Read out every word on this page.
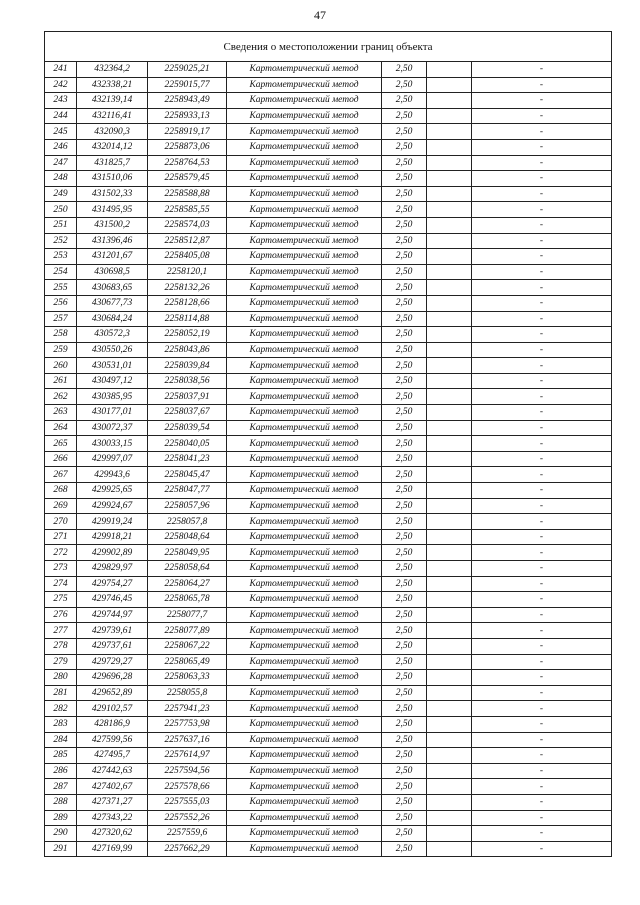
47
Сведения о местоположении границ объекта						
241	432364,2	2259025,21	Картометрический метод	2,50		-
242	432338,21	2259015,77	Картометрический метод	2,50		-
243	432139,14	2258943,49	Картометрический метод	2,50		-
244	432116,41	2258933,13	Картометрический метод	2,50		-
245	432090,3	2258919,17	Картометрический метод	2,50		-
246	432014,12	2258873,06	Картометрический метод	2,50		-
247	431825,7	2258764,53	Картометрический метод	2,50		-
248	431510,06	2258579,45	Картометрический метод	2,50		-
249	431502,33	2258588,88	Картометрический метод	2,50		-
250	431495,95	2258585,55	Картометрический метод	2,50		-
251	431500,2	2258574,03	Картометрический метод	2,50		-
252	431396,46	2258512,87	Картометрический метод	2,50		-
253	431201,67	2258405,08	Картометрический метод	2,50		-
254	430698,5	2258120,1	Картометрический метод	2,50		-
255	430683,65	2258132,26	Картометрический метод	2,50		-
256	430677,73	2258128,66	Картометрический метод	2,50		-
257	430684,24	2258114,88	Картометрический метод	2,50		-
258	430572,3	2258052,19	Картометрический метод	2,50		-
259	430550,26	2258043,86	Картометрический метод	2,50		-
260	430531,01	2258039,84	Картометрический метод	2,50		-
261	430497,12	2258038,56	Картометрический метод	2,50		-
262	430385,95	2258037,91	Картометрический метод	2,50		-
263	430177,01	2258037,67	Картометрический метод	2,50		-
264	430072,37	2258039,54	Картометрический метод	2,50		-
265	430033,15	2258040,05	Картометрический метод	2,50		-
266	429997,07	2258041,23	Картометрический метод	2,50		-
267	429943,6	2258045,47	Картометрический метод	2,50		-
268	429925,65	2258047,77	Картометрический метод	2,50		-
269	429924,67	2258057,96	Картометрический метод	2,50		-
270	429919,24	2258057,8	Картометрический метод	2,50		-
271	429918,21	2258048,64	Картометрический метод	2,50		-
272	429902,89	2258049,95	Картометрический метод	2,50		-
273	429829,97	2258058,64	Картометрический метод	2,50		-
274	429754,27	2258064,27	Картометрический метод	2,50		-
275	429746,45	2258065,78	Картометрический метод	2,50		-
276	429744,97	2258077,7	Картометрический метод	2,50		-
277	429739,61	2258077,89	Картометрический метод	2,50		-
278	429737,61	2258067,22	Картометрический метод	2,50		-
279	429729,27	2258065,49	Картометрический метод	2,50		-
280	429696,28	2258063,33	Картометрический метод	2,50		-
281	429652,89	2258055,8	Картометрический метод	2,50		-
282	429102,57	2257941,23	Картометрический метод	2,50		-
283	428186,9	2257753,98	Картометрический метод	2,50		-
284	427599,56	2257637,16	Картометрический метод	2,50		-
285	427495,7	2257614,97	Картометрический метод	2,50		-
286	427442,63	2257594,56	Картометрический метод	2,50		-
287	427402,67	2257578,66	Картометрический метод	2,50		-
288	427371,27	2257555,03	Картометрический метод	2,50		-
289	427343,22	2257552,26	Картометрический метод	2,50		-
290	427320,62	2257559,6	Картометрический метод	2,50		-
291	427169,99	2257662,29	Картометрический метод	2,50		-
